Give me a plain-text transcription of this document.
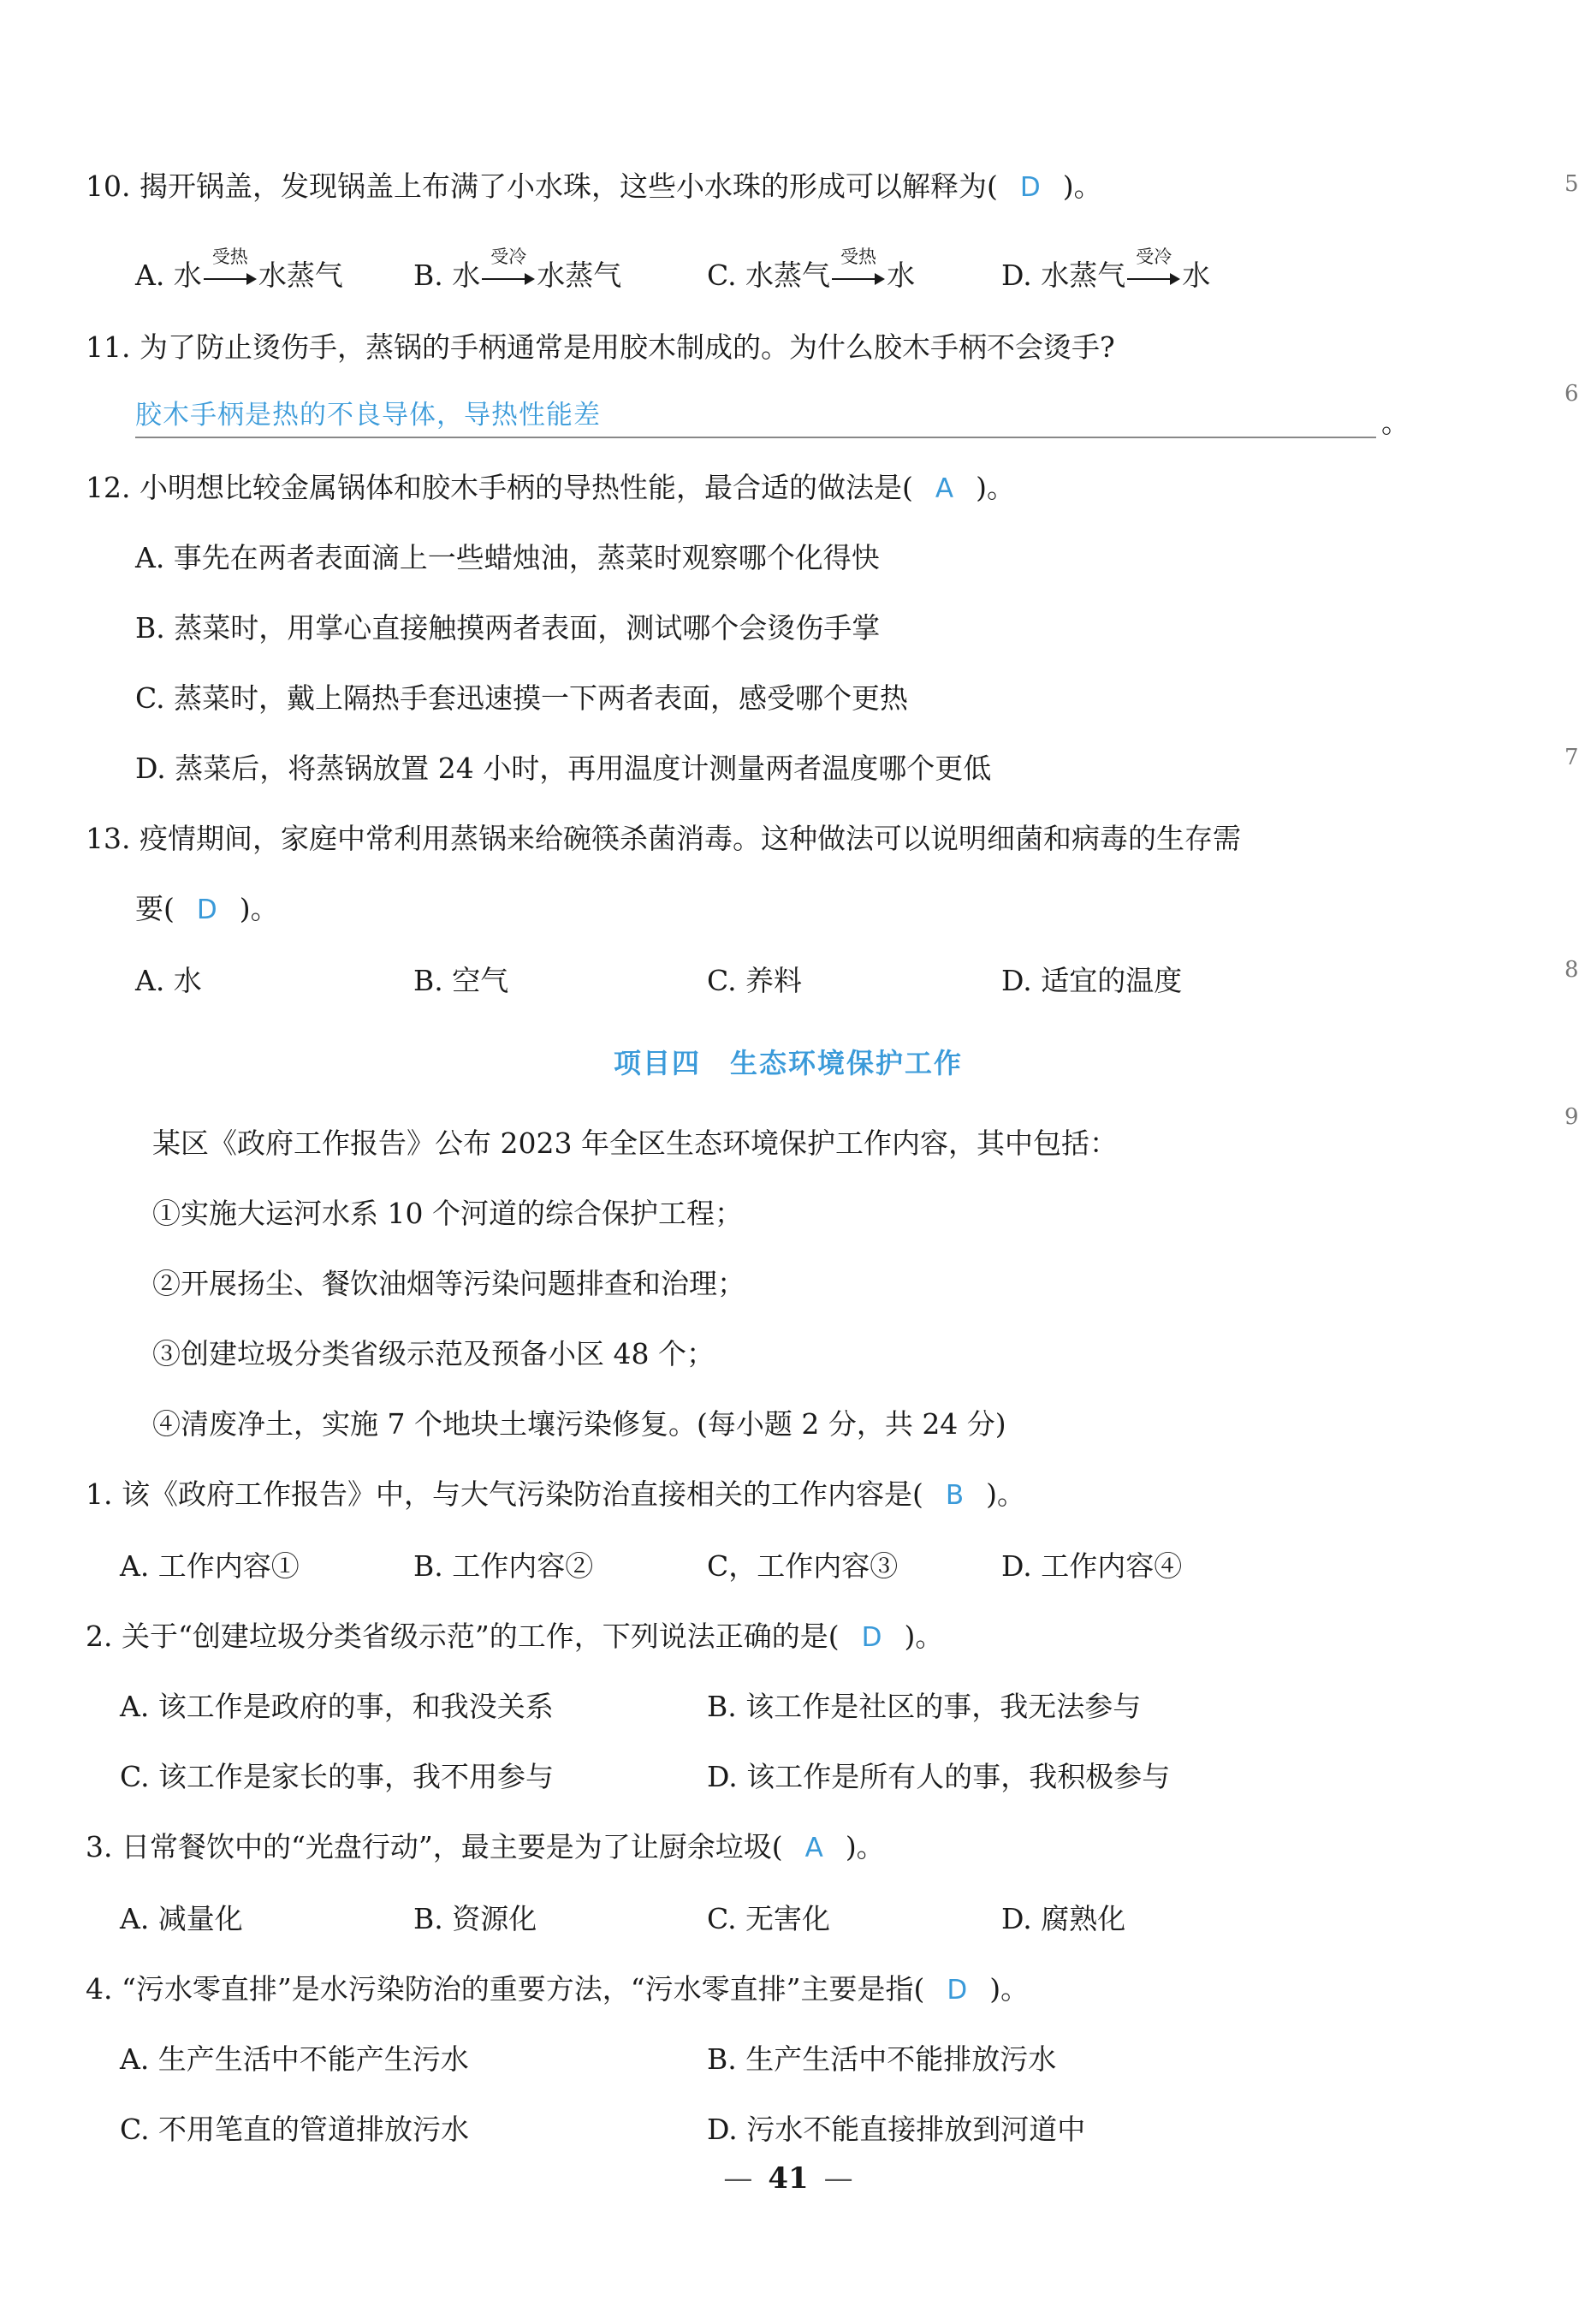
10. 揭开锅盖，发现锅盖上布满了小水珠，这些小水珠的形成可以解释为( D )。
A. 水
受热
水蒸气 B. 水
受冷
水蒸气	C. 水蒸气
受热
水	D. 水蒸气
受冷
水
11. 为了防止烫伤手，蒸锅的手柄通常是用胶木制成的。为什么胶木手柄不会烫手?
胶木手柄是热的不良导体，导热性能差	。
12. 小明想比较金属锅体和胶木手柄的导热性能，最合适的做法是( A )。
A. 事先在两者表面滴上一些蜡烛油，蒸菜时观察哪个化得快
B. 蒸菜时，用掌心直接触摸两者表面，测试哪个会烫伤手掌
C. 蒸菜时，戴上隔热手套迅速摸一下两者表面，感受哪个更热
D. 蒸菜后，将蒸锅放置 24 小时，再用温度计测量两者温度哪个更低
13. 疫情期间，家庭中常利用蒸锅来给碗筷杀菌消毒。这种做法可以说明细菌和病毒的生存需
要( D )。
A. 水	B. 空气	C. 养料	D. 适宜的温度
项目四　生态环境保护工作
某区《政府工作报告》公布 2023 年全区生态环境保护工作内容，其中包括：
①实施大运河水系 10 个河道的综合保护工程；
②开展扬尘、餐饮油烟等污染问题排查和治理；
③创建垃圾分类省级示范及预备小区 48 个；
④清废净土，实施 7 个地块土壤污染修复。(每小题 2 分，共 24 分)
1. 该《政府工作报告》中，与大气污染防治直接相关的工作内容是( B )。
A. 工作内容①	B. 工作内容②	C，工作内容③	D. 工作内容④
2. 关于“创建垃圾分类省级示范”的工作，下列说法正确的是( D )。
A. 该工作是政府的事，和我没关系	B. 该工作是社区的事，我无法参与
C. 该工作是家长的事，我不用参与	D. 该工作是所有人的事，我积极参与
3. 日常餐饮中的“光盘行动”，最主要是为了让厨余垃圾( A )。
A. 减量化	B. 资源化	C. 无害化	D. 腐熟化
4. “污水零直排”是水污染防治的重要方法，“污水零直排”主要是指( D )。
A. 生产生活中不能产生污水	B. 生产生活中不能排放污水
C. 不用笔直的管道排放污水	D. 污水不能直接排放到河道中
— 41 —
5
6
7
8
9
